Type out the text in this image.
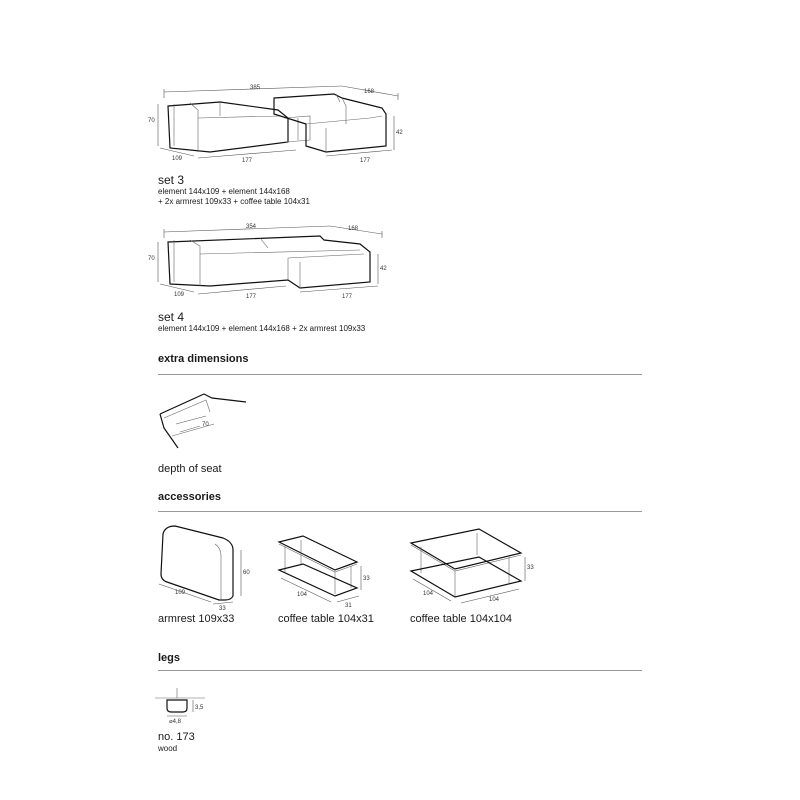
385
168
70
42
109	177	177
set 3
element 144x109 + element 144x168
+ 2x armrest 109x33 + coffee table 104x31
354	168
70
42
109	177	177
set 4
element 144x109 + element 144x168 + 2x armrest 109x33
extra dimensions
70
depth of seat
accessories
109
33
60
armrest 109x33
33
31
104
coffee table 104x31
33
104
104
coffee table 104x104
legs
3,5
⌀4,8
no. 173
wood
